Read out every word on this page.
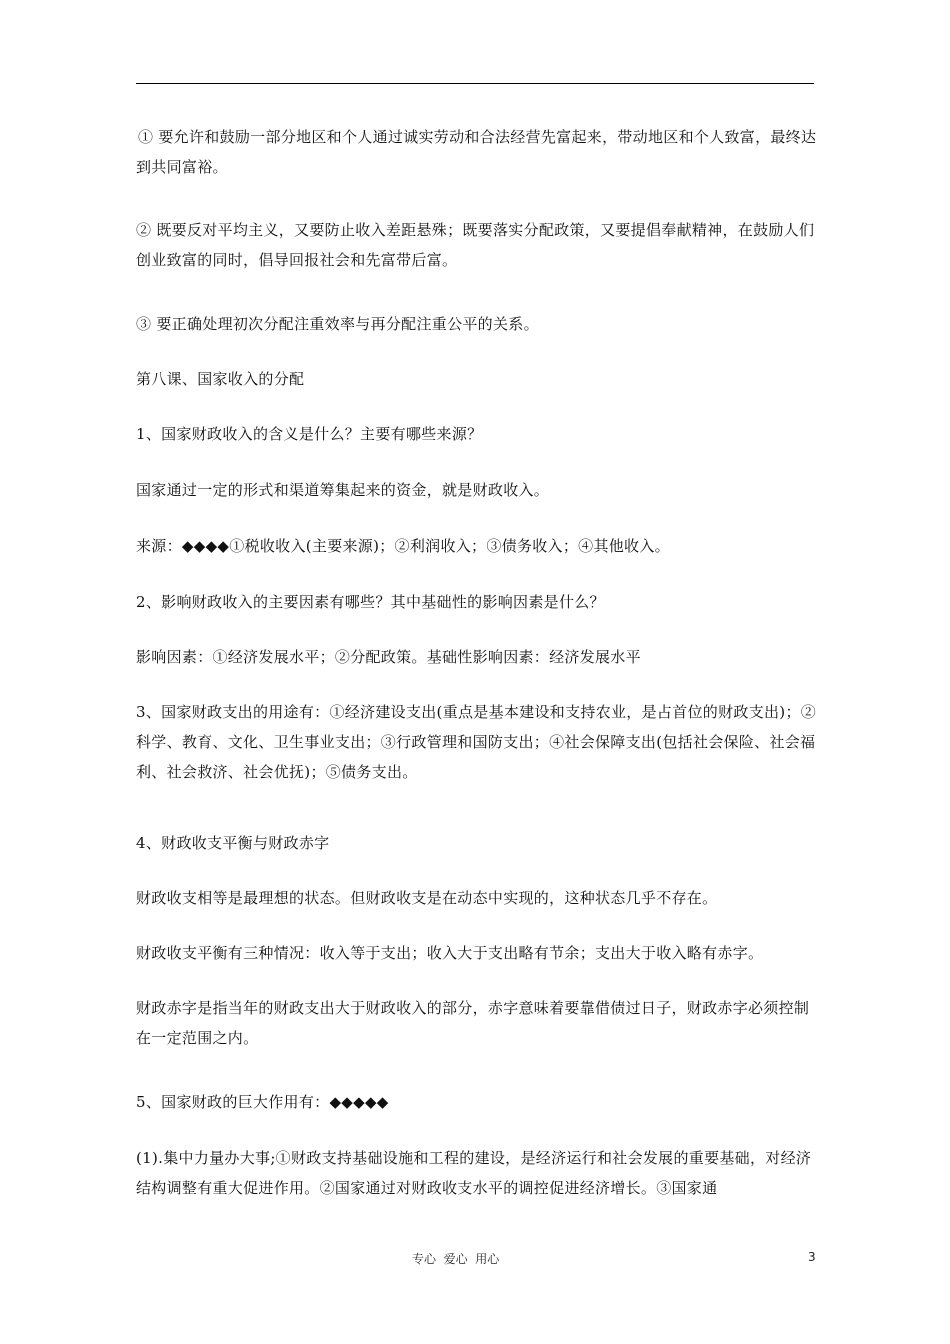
① 要允许和鼓励一部分地区和个人通过诚实劳动和合法经营先富起来，带动地区和个人致富，最终达到共同富裕。
② 既要反对平均主义，又要防止收入差距悬殊；既要落实分配政策，又要提倡奉献精神，在鼓励人们创业致富的同时，倡导回报社会和先富带后富。
③ 要正确处理初次分配注重效率与再分配注重公平的关系。
第八课、国家收入的分配
1、国家财政收入的含义是什么？主要有哪些来源？
国家通过一定的形式和渠道筹集起来的资金，就是财政收入。
来源：◆◆◆◆①税收收入(主要来源)；②利润收入；③债务收入；④其他收入。
2、影响财政收入的主要因素有哪些？其中基础性的影响因素是什么？
影响因素：①经济发展水平；②分配政策。基础性影响因素：经济发展水平
3、国家财政支出的用途有：①经济建设支出(重点是基本建设和支持农业，是占首位的财政支出)；②科学、教育、文化、卫生事业支出；③行政管理和国防支出；④社会保障支出(包括社会保险、社会福利、社会救济、社会优抚)；⑤债务支出。
4、财政收支平衡与财政赤字
财政收支相等是最理想的状态。但财政收支是在动态中实现的，这种状态几乎不存在。
财政收支平衡有三种情况：收入等于支出；收入大于支出略有节余；支出大于收入略有赤字。
财政赤字是指当年的财政支出大于财政收入的部分，赤字意味着要靠借债过日子，财政赤字必须控制在一定范围之内。
5、国家财政的巨大作用有：◆◆◆◆◆
(1).集中力量办大事;①财政支持基础设施和工程的建设，是经济运行和社会发展的重要基础，对经济结构调整有重大促进作用。②国家通过对财政收支水平的调控促进经济增长。③国家通
专心  爱心  用心	3
